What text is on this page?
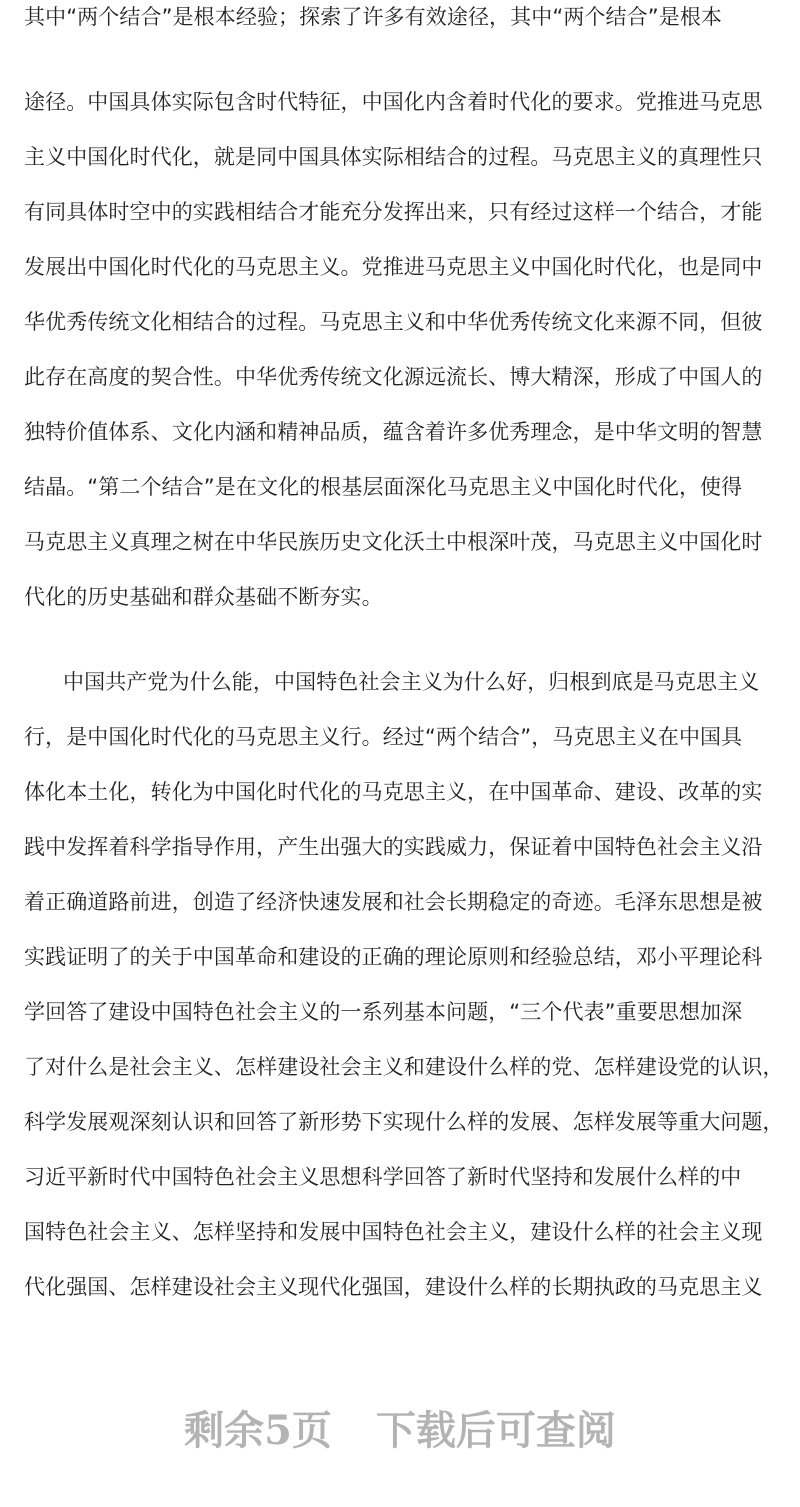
其中“两个结合”是根本经验；探索了许多有效途径，其中“两个结合”是根本
途径。中国具体实际包含时代特征，中国化内含着时代化的要求。党推进马克思
主义中国化时代化，就是同中国具体实际相结合的过程。马克思主义的真理性只
有同具体时空中的实践相结合才能充分发挥出来，只有经过这样一个结合，才能
发展出中国化时代化的马克思主义。党推进马克思主义中国化时代化，也是同中
华优秀传统文化相结合的过程。马克思主义和中华优秀传统文化来源不同，但彼
此存在高度的契合性。中华优秀传统文化源远流长、博大精深，形成了中国人的
独特价值体系、文化内涵和精神品质，蕴含着许多优秀理念，是中华文明的智慧
结晶。“第二个结合”是在文化的根基层面深化马克思主义中国化时代化，使得
马克思主义真理之树在中华民族历史文化沃土中根深叶茂，马克思主义中国化时
代化的历史基础和群众基础不断夯实。
中国共产党为什么能，中国特色社会主义为什么好，归根到底是马克思主义
行，是中国化时代化的马克思主义行。经过“两个结合”，马克思主义在中国具
体化本土化，转化为中国化时代化的马克思主义，在中国革命、建设、改革的实
践中发挥着科学指导作用，产生出强大的实践威力，保证着中国特色社会主义沿
着正确道路前进，创造了经济快速发展和社会长期稳定的奇迹。毛泽东思想是被
实践证明了的关于中国革命和建设的正确的理论原则和经验总结，邓小平理论科
学回答了建设中国特色社会主义的一系列基本问题，“三个代表”重要思想加深
了对什么是社会主义、怎样建设社会主义和建设什么样的党、怎样建设党的认识，
科学发展观深刻认识和回答了新形势下实现什么样的发展、怎样发展等重大问题，
习近平新时代中国特色社会主义思想科学回答了新时代坚持和发展什么样的中
国特色社会主义、怎样坚持和发展中国特色社会主义，建设什么样的社会主义现
代化强国、怎样建设社会主义现代化强国，建设什么样的长期执政的马克思主义
剩余5页 下载后可查阅
